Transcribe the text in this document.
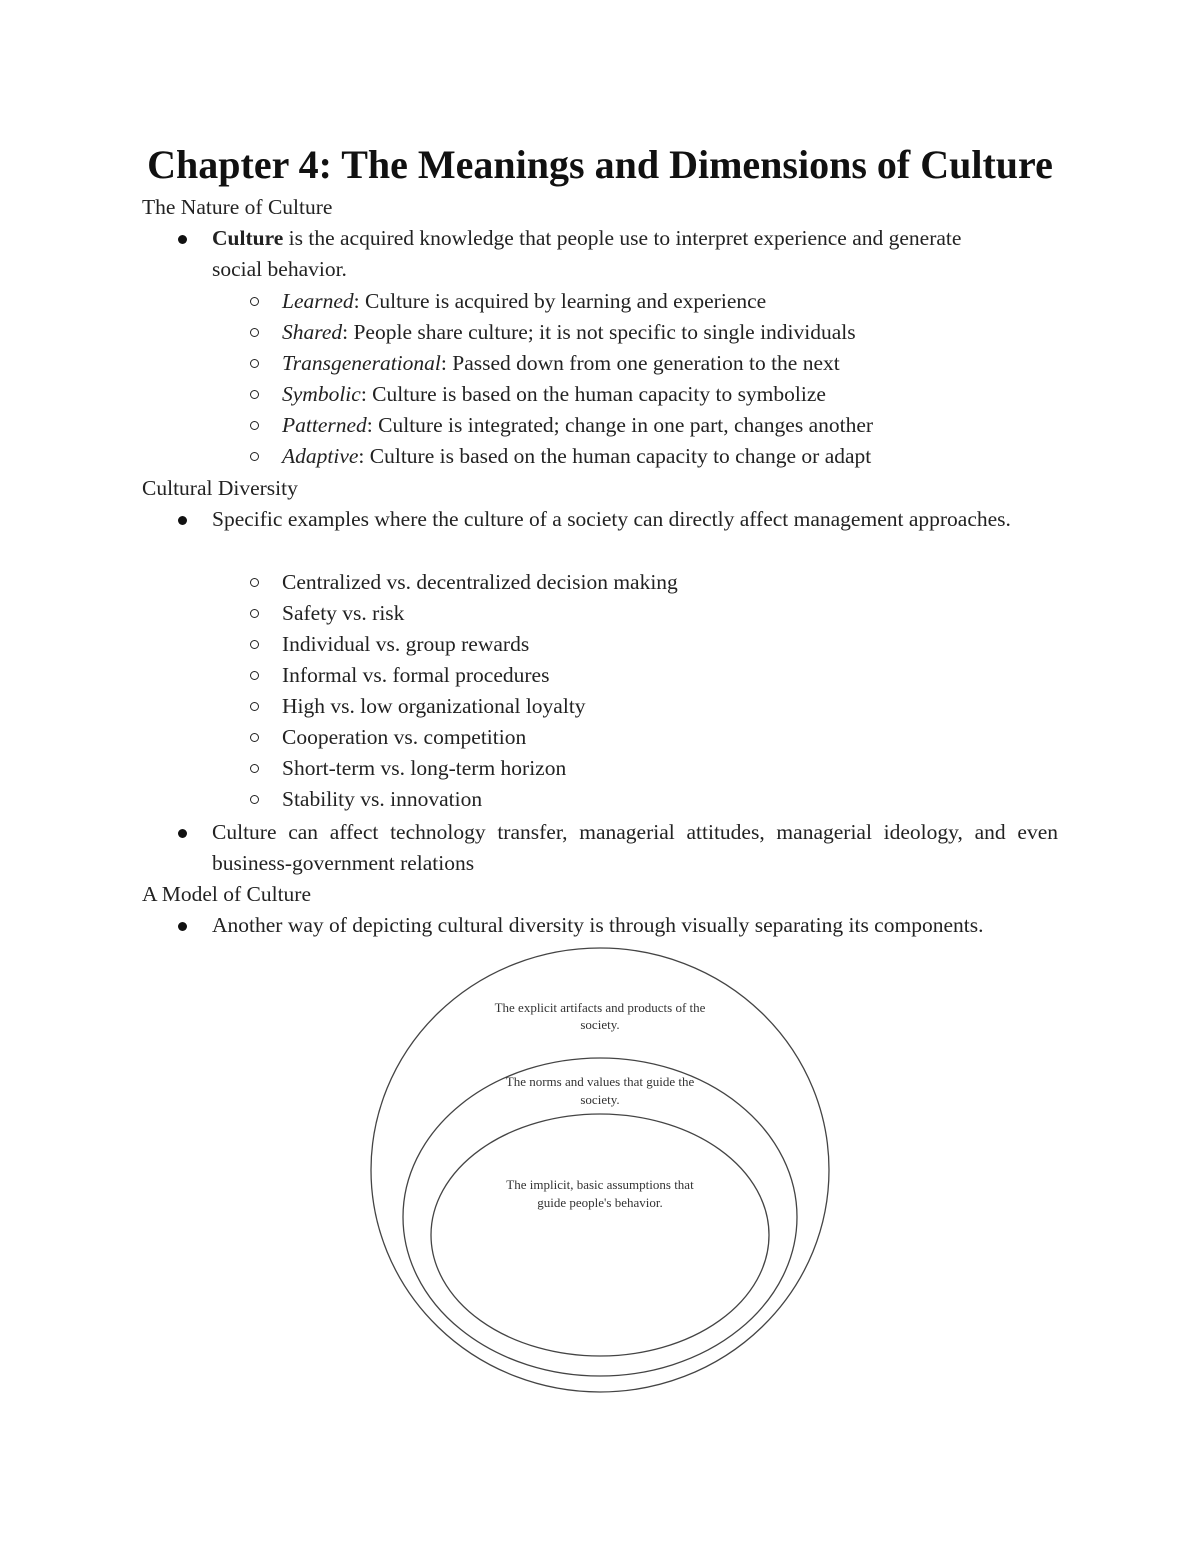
Chapter 4: The Meanings and Dimensions of Culture
The Nature of Culture
Culture is the acquired knowledge that people use to interpret experience and generate
social behavior.
Learned: Culture is acquired by learning and experience
Shared: People share culture; it is not specific to single individuals
Transgenerational: Passed down from one generation to the next
Symbolic: Culture is based on the human capacity to symbolize
Patterned: Culture is integrated; change in one part, changes another
Adaptive: Culture is based on the human capacity to change or adapt
Cultural Diversity
Specific examples where the culture of a society can directly affect management approaches.
Centralized vs. decentralized decision making
Safety vs. risk
Individual vs. group rewards
Informal vs. formal procedures
High vs. low organizational loyalty
Cooperation vs. competition
Short-term vs. long-term horizon
Stability vs. innovation
Culture can affect technology transfer, managerial attitudes, managerial ideology, and even business-government relations
A Model of Culture
Another way of depicting cultural diversity is through visually separating its components.
The explicit artifacts and products of the
society.
The norms and values that guide the
society.
The implicit, basic assumptions that
guide people's behavior.
